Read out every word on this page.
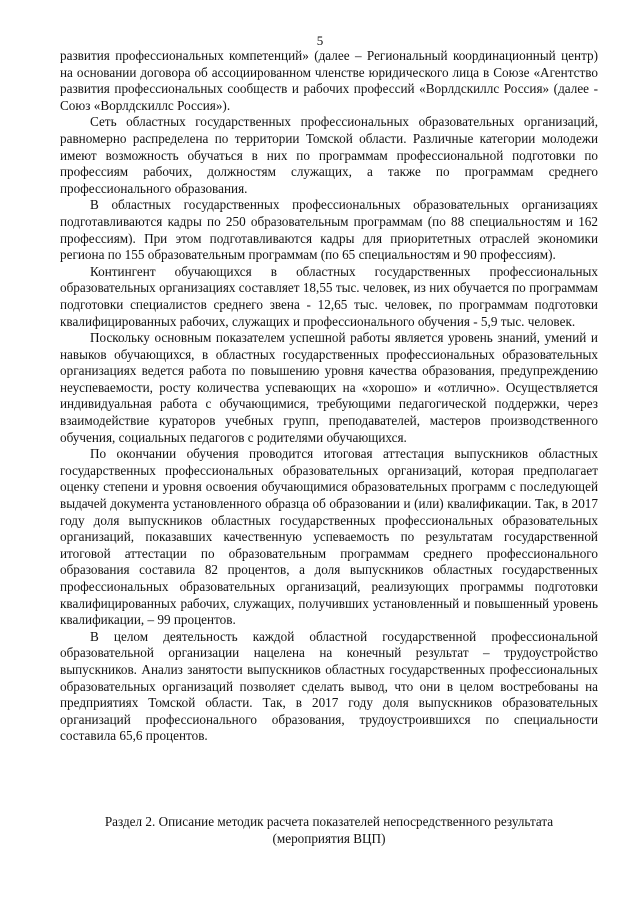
5

развития профессиональных компетенций» (далее – Региональный координационный центр) на основании договора об ассоциированном членстве юридического лица в Союзе «Агентство развития профессиональных сообществ и рабочих профессий «Ворлдскиллс Россия» (далее - Союз «Ворлдскиллс Россия»).

Сеть областных государственных профессиональных образовательных организаций, равномерно распределена по территории Томской области. Различные категории молодежи имеют возможность обучаться в них по программам профессиональной подготовки по профессиям рабочих, должностям служащих, а также по программам среднего профессионального образования.

В областных государственных профессиональных образовательных организациях подготавливаются кадры по 250 образовательным программам (по 88 специальностям и 162 профессиям). При этом подготавливаются кадры для приоритетных отраслей экономики региона по 155 образовательным программам (по 65 специальностям и 90 профессиям).

Контингент обучающихся в областных государственных профессиональных образовательных организациях составляет 18,55 тыс. человек, из них обучается по программам подготовки специалистов среднего звена - 12,65 тыс. человек, по программам подготовки квалифицированных рабочих, служащих и профессионального обучения - 5,9 тыс. человек.

Поскольку основным показателем успешной работы является уровень знаний, умений и навыков обучающихся, в областных государственных профессиональных образовательных организациях ведется работа по повышению уровня качества образования, предупреждению неуспеваемости, росту количества успевающих на «хорошо» и «отлично». Осуществляется индивидуальная работа с обучающимися, требующими педагогической поддержки, через взаимодействие кураторов учебных групп, преподавателей, мастеров производственного обучения, социальных педагогов с родителями обучающихся.

По окончании обучения проводится итоговая аттестация выпускников областных государственных профессиональных образовательных организаций, которая предполагает оценку степени и уровня освоения обучающимися образовательных программ с последующей выдачей документа установленного образца об образовании и (или) квалификации. Так, в 2017 году доля выпускников областных государственных профессиональных образовательных организаций, показавших качественную успеваемость по результатам государственной итоговой аттестации по образовательным программам среднего профессионального образования составила 82 процентов, а доля выпускников областных государственных профессиональных образовательных организаций, реализующих программы подготовки квалифицированных рабочих, служащих, получивших установленный и повышенный уровень квалификации, – 99 процентов.

В целом деятельность каждой областной государственной профессиональной образовательной организации нацелена на конечный результат – трудоустройство выпускников. Анализ занятости выпускников областных государственных профессиональных образовательных организаций позволяет сделать вывод, что они в целом востребованы на предприятиях Томской области. Так, в 2017 году доля выпускников образовательных организаций профессионального образования, трудоустроившихся по специальности составила 65,6 процентов.

Раздел 2. Описание методик расчета показателей непосредственного результата
(мероприятия ВЦП)
